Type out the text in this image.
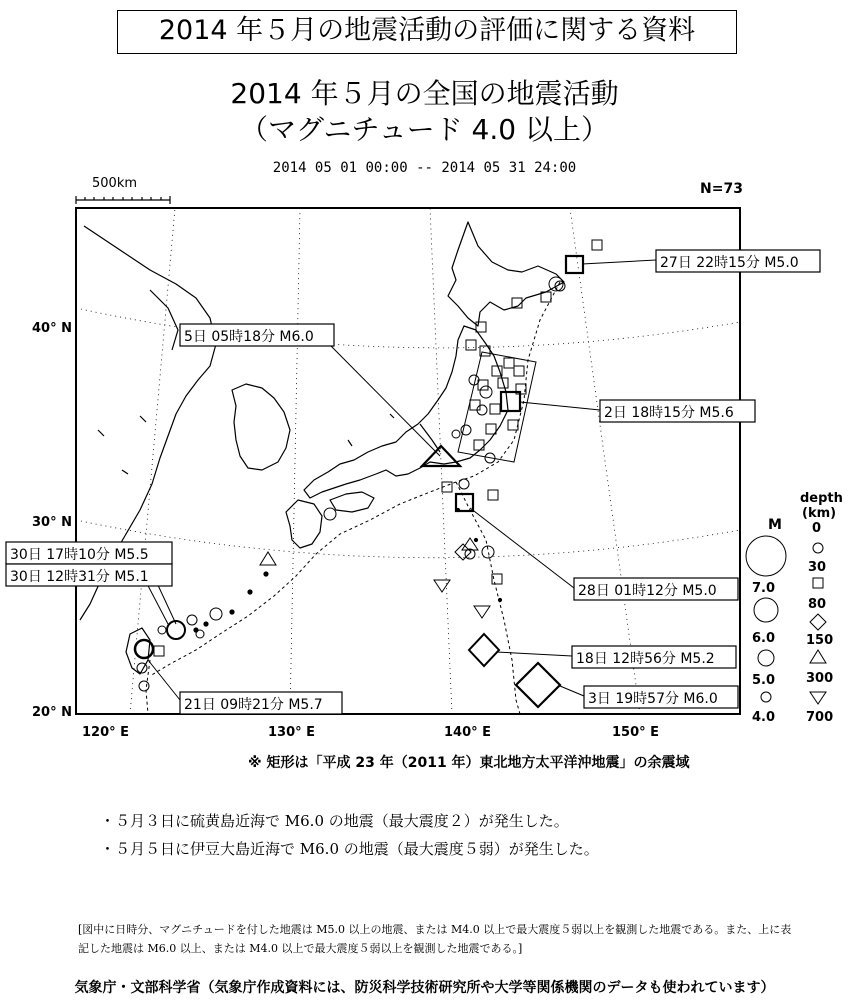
2014 年５月の地震活動の評価に関する資料
2014 年５月の全国の地震活動
（マグニチュード 4.0 以上）
2014 05 01 00:00 -- 2014 05 31 24:00
500km	N=73
27日 22時15分 M5.0
5日 05時18分 M6.0
2日 18時15分 M5.6
30日 17時10分 M5.5
30日 12時31分 M5.1
28日 01時12分 M5.0
18日 12時56分 M5.2
21日 09時21分 M5.7	3日 19時57分 M6.0
40° N
30° N
20° N
120° E	130° E	140° E	150° E
M
7.0
6.0
5.0
4.0
depth
(km)
0
30
80
150
300
700
※ 矩形は「平成 23 年（2011 年）東北地方太平洋沖地震」の余震域
・５月３日に硫黄島近海で M6.0 の地震（最大震度２）が発生した。
・５月５日に伊豆大島近海で M6.0 の地震（最大震度５弱）が発生した。
[図中に日時分、マグニチュードを付した地震は M5.0 以上の地震、または M4.0 以上で最大震度５弱以上を観測した地震である。また、上に表記した地震は M6.0 以上、または M4.0 以上で最大震度５弱以上を観測した地震である。]
気象庁・文部科学省（気象庁作成資料には、防災科学技術研究所や大学等関係機関のデータも使われています）
